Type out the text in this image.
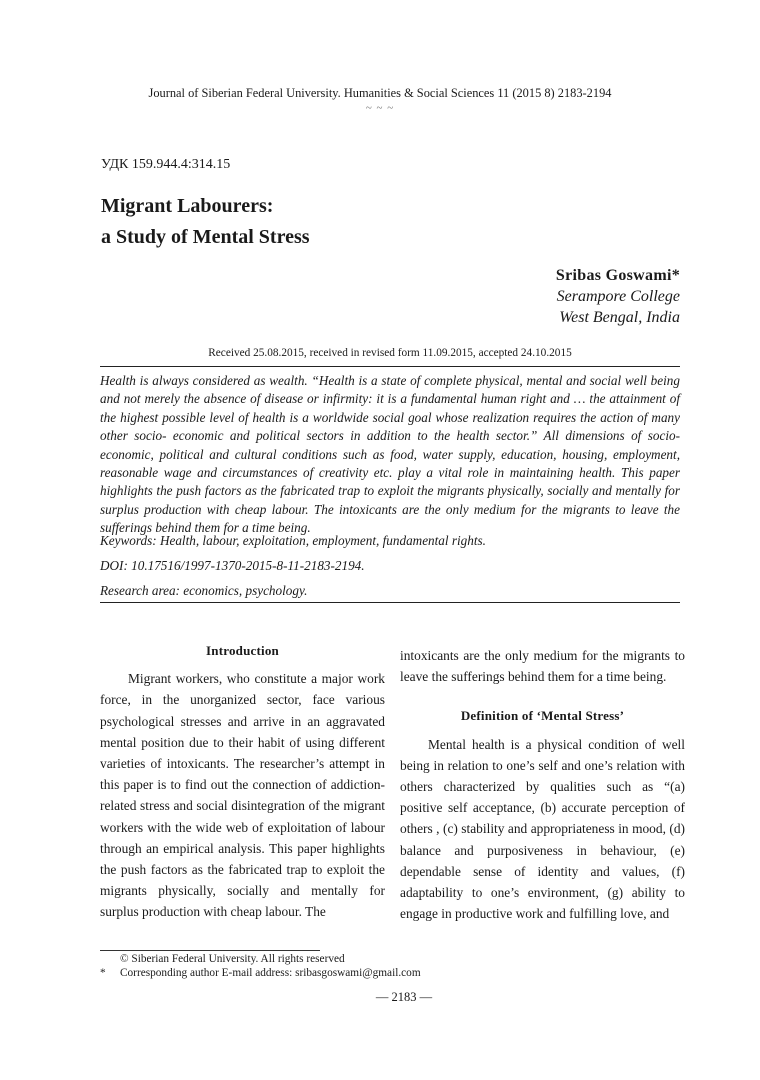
Journal of Siberian Federal University. Humanities & Social Sciences 11 (2015 8) 2183-2194
~ ~ ~
УДК 159.944.4:314.15
Migrant Labourers:
a Study of Mental Stress
Sribas Goswami*
Serampore College
West Bengal, India
Received 25.08.2015, received in revised form 11.09.2015, accepted 24.10.2015

Health is always considered as wealth. “Health is a state of complete physical, mental and social well being and not merely the absence of disease or infirmity: it is a fundamental human right and … the attainment of the highest possible level of health is a worldwide social goal whose realization requires the action of many other socio- economic and political sectors in addition to the health sector.” All dimensions of socio- economic, political and cultural conditions such as food, water supply, education, housing, employment, reasonable wage and circumstances of creativity etc. play a vital role in maintaining health. This paper highlights the push factors as the fabricated trap to exploit the migrants physically, socially and mentally for surplus production with cheap labour. The intoxicants are the only medium for the migrants to leave the sufferings behind them for a time being.

Keywords: Health, labour, exploitation, employment, fundamental rights.
DOI: 10.17516/1997-1370-2015-8-11-2183-2194.
Research area: economics, psychology.
Introduction

Migrant workers, who constitute a major work force, in the unorganized sector, face various psychological stresses and arrive in an aggravated mental position due to their habit of using different varieties of intoxicants. The researcher’s attempt in this paper is to find out the connection of addiction- related stress and social disintegration of the migrant workers with the wide web of exploitation of labour through an empirical analysis. This paper highlights the push factors as the fabricated trap to exploit the migrants physically, socially and mentally for surplus production with cheap labour. The

intoxicants are the only medium for the migrants to leave the sufferings behind them for a time being.

Definition of ‘Mental Stress’

Mental health is a physical condition of well being in relation to one’s self and one’s relation with others characterized by qualities such as “(a) positive self acceptance, (b) accurate perception of others , (c) stability and appropriateness in mood, (d) balance and purposiveness in behaviour, (e) dependable sense of identity and values, (f) adaptability to one’s environment, (g) ability to engage in productive work and fulfilling love, and

© Siberian Federal University. All rights reserved
* Corresponding author E-mail address: sribasgoswami@gmail.com
— 2183 —
